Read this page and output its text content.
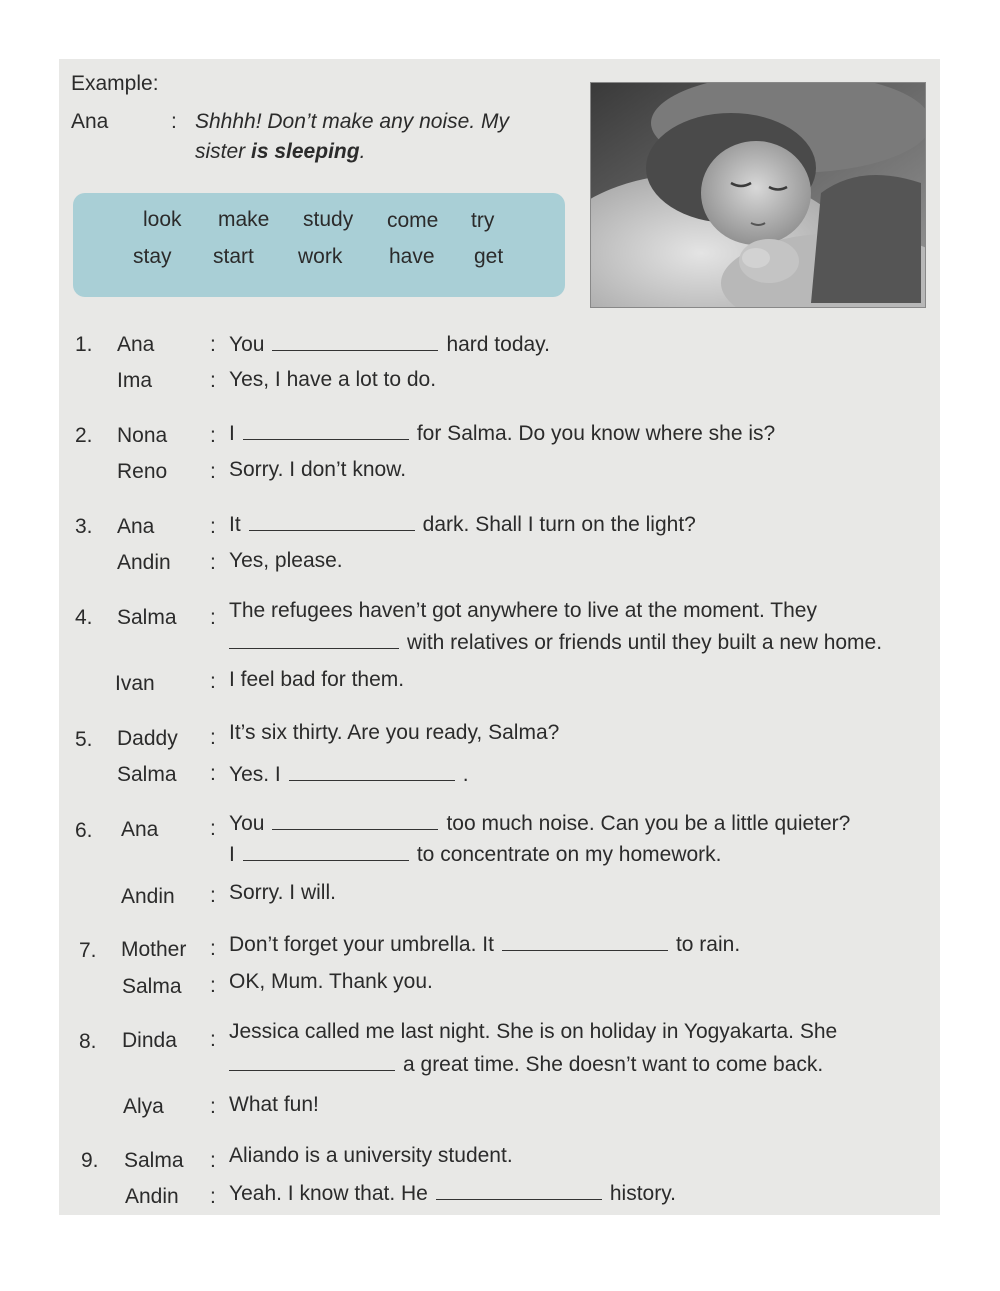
Example:
Ana	: Shhhh! Don’t make any noise. My
sister is sleeping.
look make study come try
stay start work have get
1. Ana	: You	hard today.
Ima	: Yes, I have a lot to do.
2. Nona : I	for Salma. Do you know where she is?
Reno : Sorry. I don’t know.
3. Ana	: It	dark. Shall I turn on the light?
Andin : Yes, please.
4. Salma : The refugees haven’t got anywhere to live at the moment. They
with relatives or friends until they built a new home.
Ivan	: I feel bad for them.
5. Daddy : It’s six thirty. Are you ready, Salma?
Salma : Yes. I	.
6. Ana : You	too much noise. Can you be a little quieter?
I	to concentrate on my homework.
Andin : Sorry. I will.
7. Mother : Don’t forget your umbrella. It	to rain.
Salma : OK, Mum. Thank you.
8. Dinda : Jessica called me last night. She is on holiday in Yogyakarta. She
a great time. She doesn’t want to come back.
Alya : What fun!
9. Salma : Aliando is a university student.
Andin : Yeah. I know that. He	history.
